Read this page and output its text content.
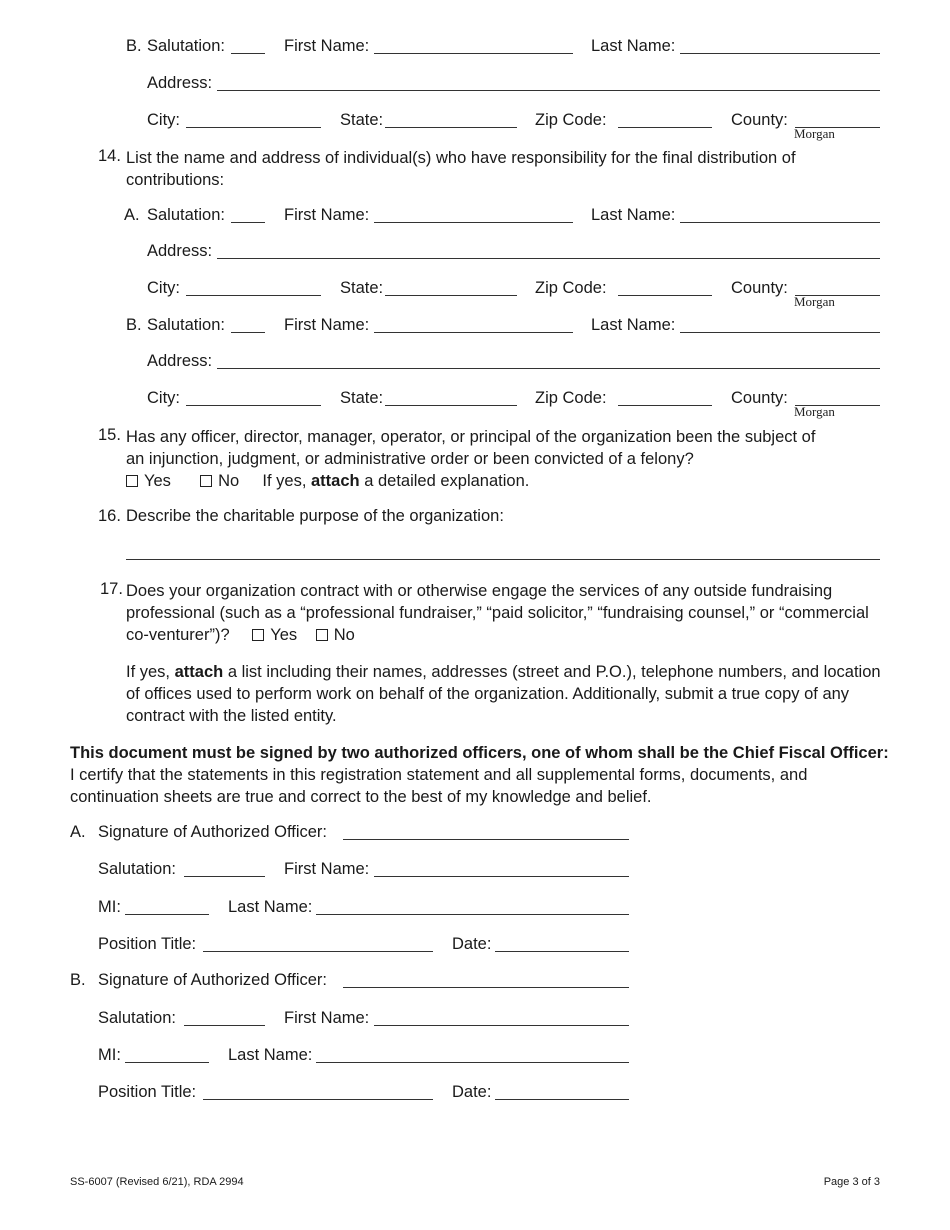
B. Salutation:	First Name:	Last Name:
Address:
City:	State:	Zip Code:	County:
Morgan
14. List the name and address of individual(s) who have responsibility for the final distribution of contributions:
A. Salutation:	First Name:	Last Name:
Address:
City:	State:	Zip Code:	County:
Morgan
B. Salutation:	First Name:	Last Name:
Address:
City:	State:	Zip Code:	County:
Morgan
15. Has any officer, director, manager, operator, or principal of the organization been the subject of an injunction, judgment, or administrative order or been convicted of a felony?
Yes	No If yes, attach a detailed explanation.
16. Describe the charitable purpose of the organization:
17. Does your organization contract with or otherwise engage the services of any outside fundraising professional (such as a “professional fundraiser,” “paid solicitor,” “fundraising counsel,” or “commercial co-venturer”)? Yes No
If yes, attach a list including their names, addresses (street and P.O.), telephone numbers, and location of offices used to perform work on behalf of the organization. Additionally, submit a true copy of any contract with the listed entity.
This document must be signed by two authorized officers, one of whom shall be the Chief Fiscal Officer: I certify that the statements in this registration statement and all supplemental forms, documents, and continuation sheets are true and correct to the best of my knowledge and belief.
A. Signature of Authorized Officer:
Salutation:	First Name:
MI:	Last Name:
Position Title:	Date:
B. Signature of Authorized Officer:
Salutation:	First Name:
MI:	Last Name:
Position Title:	Date:
SS-6007 (Revised 6/21), RDA 2994	Page 3 of 3
